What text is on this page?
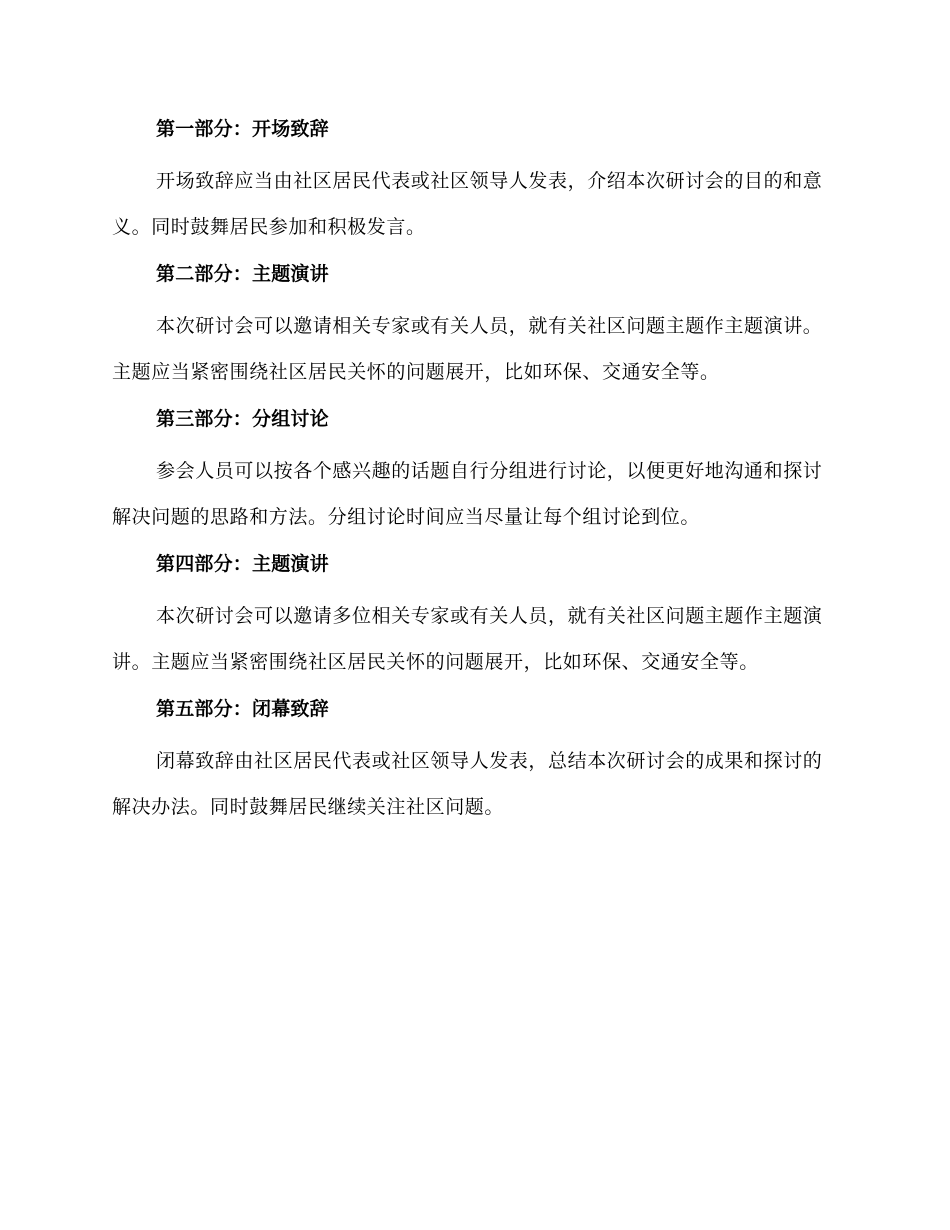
第一部分：开场致辞

开场致辞应当由社区居民代表或社区领导人发表，介绍本次研讨会的目的和意义。同时鼓舞居民参加和积极发言。

第二部分：主题演讲

本次研讨会可以邀请相关专家或有关人员，就有关社区问题主题作主题演讲。主题应当紧密围绕社区居民关怀的问题展开，比如环保、交通安全等。

第三部分：分组讨论

参会人员可以按各个感兴趣的话题自行分组进行讨论，以便更好地沟通和探讨解决问题的思路和方法。分组讨论时间应当尽量让每个组讨论到位。

第四部分：主题演讲

本次研讨会可以邀请多位相关专家或有关人员，就有关社区问题主题作主题演讲。主题应当紧密围绕社区居民关怀的问题展开，比如环保、交通安全等。

第五部分：闭幕致辞

闭幕致辞由社区居民代表或社区领导人发表，总结本次研讨会的成果和探讨的解决办法。同时鼓舞居民继续关注社区问题。
